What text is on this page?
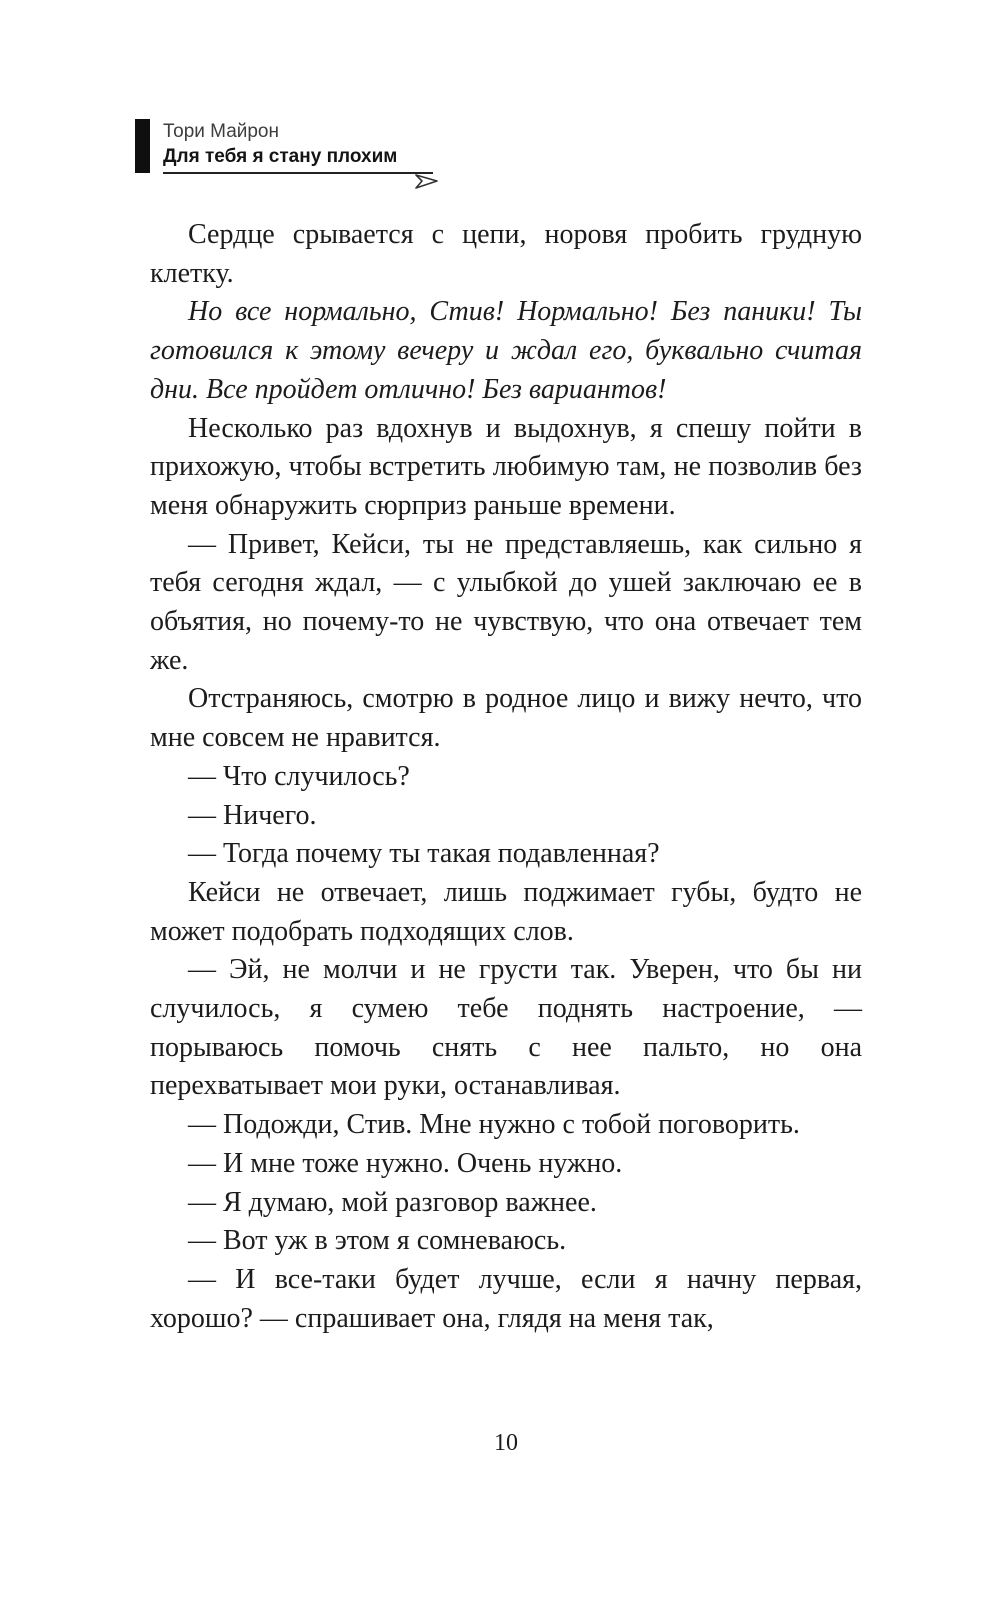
Тори Майрон
Для тебя я стану плохим

Сердце срывается с цепи, норовя пробить грудную клетку.

Но все нормально, Стив! Нормально! Без паники! Ты готовился к этому вечеру и ждал его, буквально считая дни. Все пройдет отлично! Без вариантов!

Несколько раз вдохнув и выдохнув, я спешу пойти в прихожую, чтобы встретить любимую там, не позволив без меня обнаружить сюрприз раньше времени.

— Привет, Кейси, ты не представляешь, как сильно я тебя сегодня ждал, — с улыбкой до ушей заключаю ее в объятия, но почему-то не чувствую, что она отвечает тем же.

Отстраняюсь, смотрю в родное лицо и вижу нечто, что мне совсем не нравится.

— Что случилось?

— Ничего.

— Тогда почему ты такая подавленная?

Кейси не отвечает, лишь поджимает губы, будто не может подобрать подходящих слов.

— Эй, не молчи и не грусти так. Уверен, что бы ни случилось, я сумею тебе поднять настроение, — порываюсь помочь снять с нее пальто, но она перехватывает мои руки, останавливая.

— Подожди, Стив. Мне нужно с тобой поговорить.

— И мне тоже нужно. Очень нужно.

— Я думаю, мой разговор важнее.

— Вот уж в этом я сомневаюсь.

— И все-таки будет лучше, если я начну первая, хорошо? — спрашивает она, глядя на меня так,

10
